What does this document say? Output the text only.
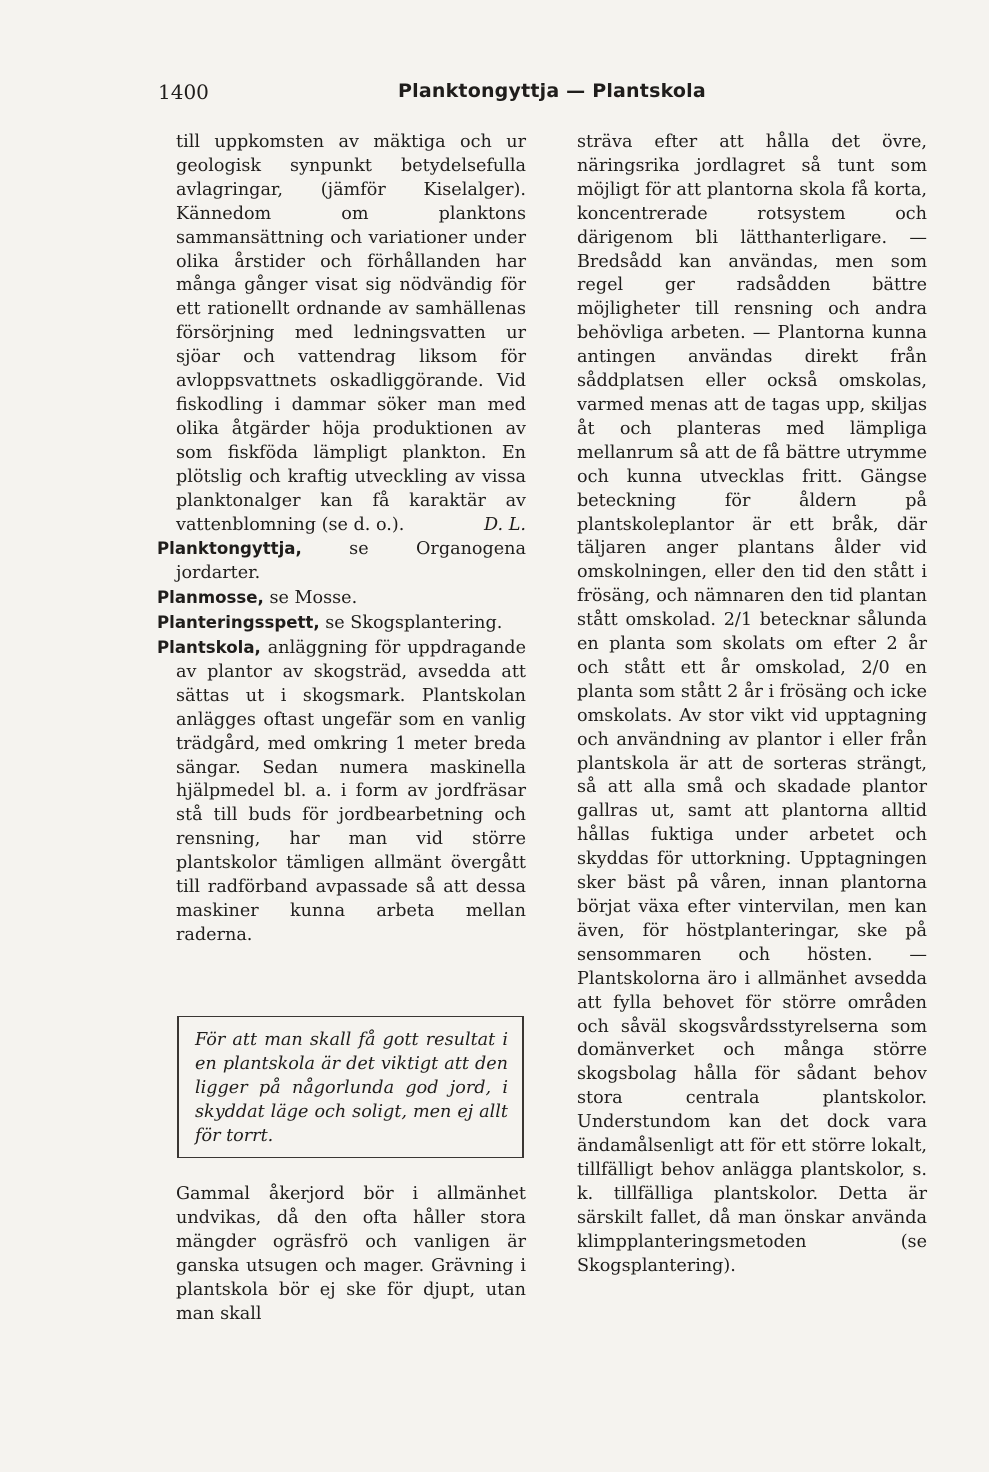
1400	Planktongyttja — Plantskola

till uppkomsten av mäktiga och ur geologisk synpunkt betydelsefulla avlagringar, (jämför Kiselalger). Kännedom om planktons sammansättning och variationer under olika årstider och förhållanden har många gånger visat sig nödvändig för ett rationellt ordnande av samhällenas försörjning med ledningsvatten ur sjöar och vattendrag liksom för avloppsvattnets oskadliggörande. Vid fiskodling i dammar söker man med olika åtgärder höja produktionen av som fiskföda lämpligt plankton. En plötslig och kraftig utveckling av vissa planktonalger kan få karaktär av vattenblomning (se d. o.).	D. L.

Planktongyttja, se Organogena jordarter.

Planmosse, se Mosse.

Planteringsspett, se Skogsplantering.

Plantskola, anläggning för uppdragande av plantor av skogsträd, avsedda att sättas ut i skogsmark. Plantskolan anlägges oftast ungefär som en vanlig trädgård, med omkring 1 meter breda sängar. Sedan numera maskinella hjälpmedel bl. a. i form av jordfräsar stå till buds för jordbearbetning och rensning, har man vid större plantskolor tämligen allmänt övergått till radförband avpassade så att dessa maskiner kunna arbeta mellan raderna.

För att man skall få gott resultat i en plantskola är det viktigt att den ligger på någorlunda god jord, i skyddat läge och soligt, men ej allt för torrt.

Gammal åkerjord bör i allmänhet undvikas, då den ofta håller stora mängder ogräsfrö och vanligen är ganska utsugen och mager. Grävning i plantskola bör ej ske för djupt, utan man skall

sträva efter att hålla det övre, näringsrika jordlagret så tunt som möjligt för att plantorna skola få korta, koncentrerade rotsystem och därigenom bli lätthanterligare. — Bredsådd kan användas, men som regel ger radsådden bättre möjligheter till rensning och andra behövliga arbeten. — Plantorna kunna antingen användas direkt från såddplatsen eller också omskolas, varmed menas att de tagas upp, skiljas åt och planteras med lämpliga mellanrum så att de få bättre utrymme och kunna utvecklas fritt. Gängse beteckning för åldern på plantskoleplantor är ett bråk, där täljaren anger plantans ålder vid omskolningen, eller den tid den stått i frösäng, och nämnaren den tid plantan stått omskolad. 2/1 betecknar sålunda en planta som skolats om efter 2 år och stått ett år omskolad, 2/0 en planta som stått 2 år i frösäng och icke omskolats. Av stor vikt vid upptagning och användning av plantor i eller från plantskola är att de sorteras strängt, så att alla små och skadade plantor gallras ut, samt att plantorna alltid hållas fuktiga under arbetet och skyddas för uttorkning. Upptagningen sker bäst på våren, innan plantorna börjat växa efter vintervilan, men kan även, för höstplanteringar, ske på sensommaren och hösten. — Plantskolorna äro i allmänhet avsedda att fylla behovet för större områden och såväl skogsvårdsstyrelserna som domänverket och många större skogsbolag hålla för sådant behov stora centrala plantskolor. Understundom kan det dock vara ändamålsenligt att för ett större lokalt, tillfälligt behov anlägga plantskolor, s. k. tillfälliga plantskolor. Detta är särskilt fallet, då man önskar använda klimpplanteringsmetoden (se Skogsplantering).
